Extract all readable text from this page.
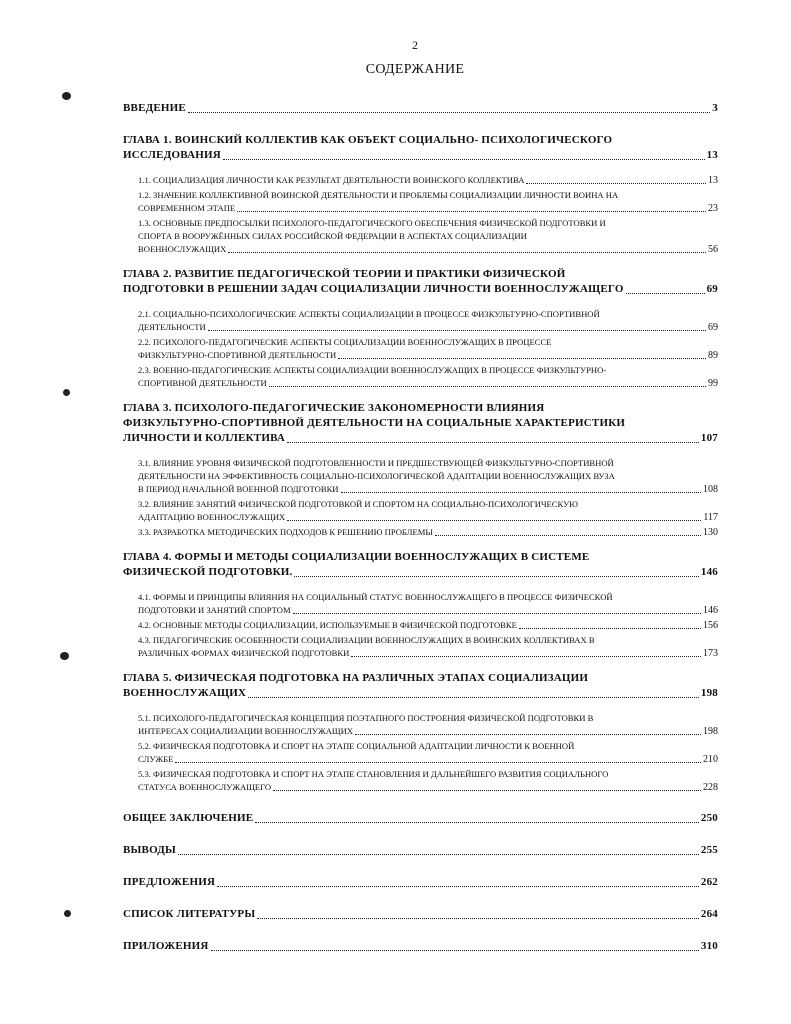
2
СОДЕРЖАНИЕ
ВВЕДЕНИЕ	3
ГЛАВА 1. ВОИНСКИЙ КОЛЛЕКТИВ КАК ОБЪЕКТ СОЦИАЛЬНО- ПСИХОЛОГИЧЕСКОГО
ИССЛЕДОВАНИЯ	13
1.1. СОЦИАЛИЗАЦИЯ ЛИЧНОСТИ КАК РЕЗУЛЬТАТ ДЕЯТЕЛЬНОСТИ ВОИНСКОГО КОЛЛЕКТИВА	13
1.2. ЗНАЧЕНИЕ КОЛЛЕКТИВНОЙ ВОИНСКОЙ ДЕЯТЕЛЬНОСТИ И ПРОБЛЕМЫ СОЦИАЛИЗАЦИИ ЛИЧНОСТИ ВОИНА НА
СОВРЕМЕННОМ ЭТАПЕ	23
1.3. ОСНОВНЫЕ ПРЕДПОСЫЛКИ ПСИХОЛОГО-ПЕДАГОГИЧЕСКОГО ОБЕСПЕЧЕНИЯ ФИЗИЧЕСКОЙ ПОДГОТОВКИ И
СПОРТА В ВООРУЖЁННЫХ СИЛАХ РОССИЙСКОЙ ФЕДЕРАЦИИ В АСПЕКТАХ СОЦИАЛИЗАЦИИ
ВОЕННОСЛУЖАЩИХ	56
ГЛАВА 2. РАЗВИТИЕ ПЕДАГОГИЧЕСКОЙ ТЕОРИИ И ПРАКТИКИ ФИЗИЧЕСКОЙ
ПОДГОТОВКИ В РЕШЕНИИ ЗАДАЧ СОЦИАЛИЗАЦИИ ЛИЧНОСТИ ВОЕННОСЛУЖАЩЕГО	69
2.1. СОЦИАЛЬНО-ПСИХОЛОГИЧЕСКИЕ АСПЕКТЫ СОЦИАЛИЗАЦИИ В ПРОЦЕССЕ ФИЗКУЛЬТУРНО-СПОРТИВНОЙ
ДЕЯТЕЛЬНОСТИ	69
2.2. ПСИХОЛОГО-ПЕДАГОГИЧЕСКИЕ АСПЕКТЫ СОЦИАЛИЗАЦИИ ВОЕННОСЛУЖАЩИХ В ПРОЦЕССЕ
ФИЗКУЛЬТУРНО-СПОРТИВНОЙ ДЕЯТЕЛЬНОСТИ	89
2.3. ВОЕННО-ПЕДАГОГИЧЕСКИЕ АСПЕКТЫ СОЦИАЛИЗАЦИИ ВОЕННОСЛУЖАЩИХ В ПРОЦЕССЕ ФИЗКУЛЬТУРНО-
СПОРТИВНОЙ ДЕЯТЕЛЬНОСТИ	99
ГЛАВА 3. ПСИХОЛОГО-ПЕДАГОГИЧЕСКИЕ ЗАКОНОМЕРНОСТИ ВЛИЯНИЯ
ФИЗКУЛЬТУРНО-СПОРТИВНОЙ ДЕЯТЕЛЬНОСТИ НА СОЦИАЛЬНЫЕ ХАРАКТЕРИСТИКИ
ЛИЧНОСТИ И КОЛЛЕКТИВА	107
3.1. ВЛИЯНИЕ УРОВНЯ ФИЗИЧЕСКОЙ ПОДГОТОВЛЕННОСТИ И ПРЕДШЕСТВУЮЩЕЙ ФИЗКУЛЬТУРНО-СПОРТИВНОЙ
ДЕЯТЕЛЬНОСТИ НА ЭФФЕКТИВНОСТЬ СОЦИАЛЬНО-ПСИХОЛОГИЧЕСКОЙ АДАПТАЦИИ ВОЕННОСЛУЖАЩИХ ВУЗА
В ПЕРИОД НАЧАЛЬНОЙ ВОЕННОЙ ПОДГОТОВКИ	108
3.2. ВЛИЯНИЕ ЗАНЯТИЙ ФИЗИЧЕСКОЙ ПОДГОТОВКОЙ И СПОРТОМ НА СОЦИАЛЬНО-ПСИХОЛОГИЧЕСКУЮ
АДАПТАЦИЮ ВОЕННОСЛУЖАЩИХ	117
3.3. РАЗРАБОТКА МЕТОДИЧЕСКИХ ПОДХОДОВ К РЕШЕНИЮ ПРОБЛЕМЫ	130
ГЛАВА 4. ФОРМЫ И МЕТОДЫ СОЦИАЛИЗАЦИИ ВОЕННОСЛУЖАЩИХ В СИСТЕМЕ
ФИЗИЧЕСКОЙ ПОДГОТОВКИ.	146
4.1. ФОРМЫ И ПРИНЦИПЫ ВЛИЯНИЯ НА СОЦИАЛЬНЫЙ СТАТУС ВОЕННОСЛУЖАЩЕГО В ПРОЦЕССЕ ФИЗИЧЕСКОЙ
ПОДГОТОВКИ И ЗАНЯТИЙ СПОРТОМ	146
4.2. ОСНОВНЫЕ МЕТОДЫ СОЦИАЛИЗАЦИИ, ИСПОЛЬЗУЕМЫЕ В ФИЗИЧЕСКОЙ ПОДГОТОВКЕ	156
4.3. ПЕДАГОГИЧЕСКИЕ ОСОБЕННОСТИ СОЦИАЛИЗАЦИИ ВОЕННОСЛУЖАЩИХ В ВОИНСКИХ КОЛЛЕКТИВАХ В
РАЗЛИЧНЫХ ФОРМАХ ФИЗИЧЕСКОЙ ПОДГОТОВКИ	173
ГЛАВА 5. ФИЗИЧЕСКАЯ ПОДГОТОВКА НА РАЗЛИЧНЫХ ЭТАПАХ СОЦИАЛИЗАЦИИ
ВОЕННОСЛУЖАЩИХ	198
5.1. ПСИХОЛОГО-ПЕДАГОГИЧЕСКАЯ КОНЦЕПЦИЯ ПОЭТАПНОГО ПОСТРОЕНИЯ ФИЗИЧЕСКОЙ ПОДГОТОВКИ В
ИНТЕРЕСАХ СОЦИАЛИЗАЦИИ ВОЕННОСЛУЖАЩИХ	198
5.2. ФИЗИЧЕСКАЯ ПОДГОТОВКА И СПОРТ НА ЭТАПЕ СОЦИАЛЬНОЙ АДАПТАЦИИ ЛИЧНОСТИ К ВОЕННОЙ
СЛУЖБЕ	210
5.3. ФИЗИЧЕСКАЯ ПОДГОТОВКА И СПОРТ НА ЭТАПЕ СТАНОВЛЕНИЯ И ДАЛЬНЕЙШЕГО РАЗВИТИЯ СОЦИАЛЬНОГО
СТАТУСА ВОЕННОСЛУЖАЩЕГО	228
ОБЩЕЕ ЗАКЛЮЧЕНИЕ	250
ВЫВОДЫ	255
ПРЕДЛОЖЕНИЯ	262
СПИСОК ЛИТЕРАТУРЫ	264
ПРИЛОЖЕНИЯ	310
